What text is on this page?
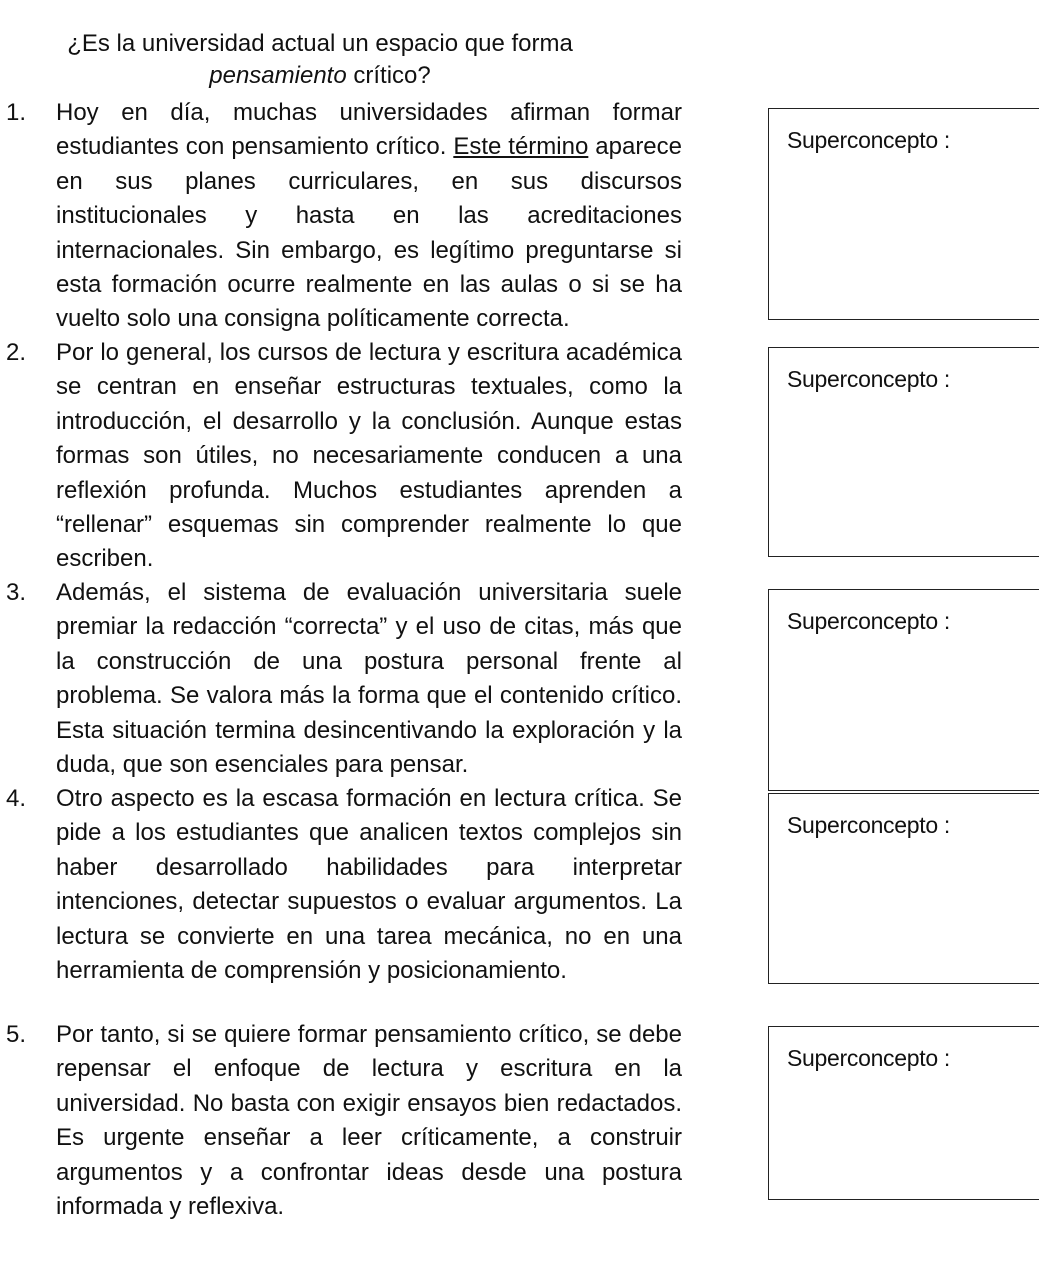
¿Es la universidad actual un espacio que forma
pensamiento crítico?
1. Hoy en día, muchas universidades afirman formar estudiantes con pensamiento crítico. Este término aparece en sus planes curriculares, en sus discursos institucionales y hasta en las acreditaciones internacionales. Sin embargo, es legítimo preguntarse si esta formación ocurre realmente en las aulas o si se ha vuelto solo una consigna políticamente correcta.
2. Por lo general, los cursos de lectura y escritura académica se centran en enseñar estructuras textuales, como la introducción, el desarrollo y la conclusión. Aunque estas formas son útiles, no necesariamente conducen a una reflexión profunda. Muchos estudiantes aprenden a “rellenar” esquemas sin comprender realmente lo que escriben.
3. Además, el sistema de evaluación universitaria suele premiar la redacción “correcta” y el uso de citas, más que la construcción de una postura personal frente al problema. Se valora más la forma que el contenido crítico. Esta situación termina desincentivando la exploración y la duda, que son esenciales para pensar.
4. Otro aspecto es la escasa formación en lectura crítica. Se pide a los estudiantes que analicen textos complejos sin haber desarrollado habilidades para interpretar intenciones, detectar supuestos o evaluar argumentos. La lectura se convierte en una tarea mecánica, no en una herramienta de comprensión y posicionamiento.
5. Por tanto, si se quiere formar pensamiento crítico, se debe repensar el enfoque de lectura y escritura en la universidad. No basta con exigir ensayos bien redactados. Es urgente enseñar a leer críticamente, a construir argumentos y a confrontar ideas desde una postura informada y reflexiva.
Superconcepto :
Superconcepto :
Superconcepto :
Superconcepto :
Superconcepto :
